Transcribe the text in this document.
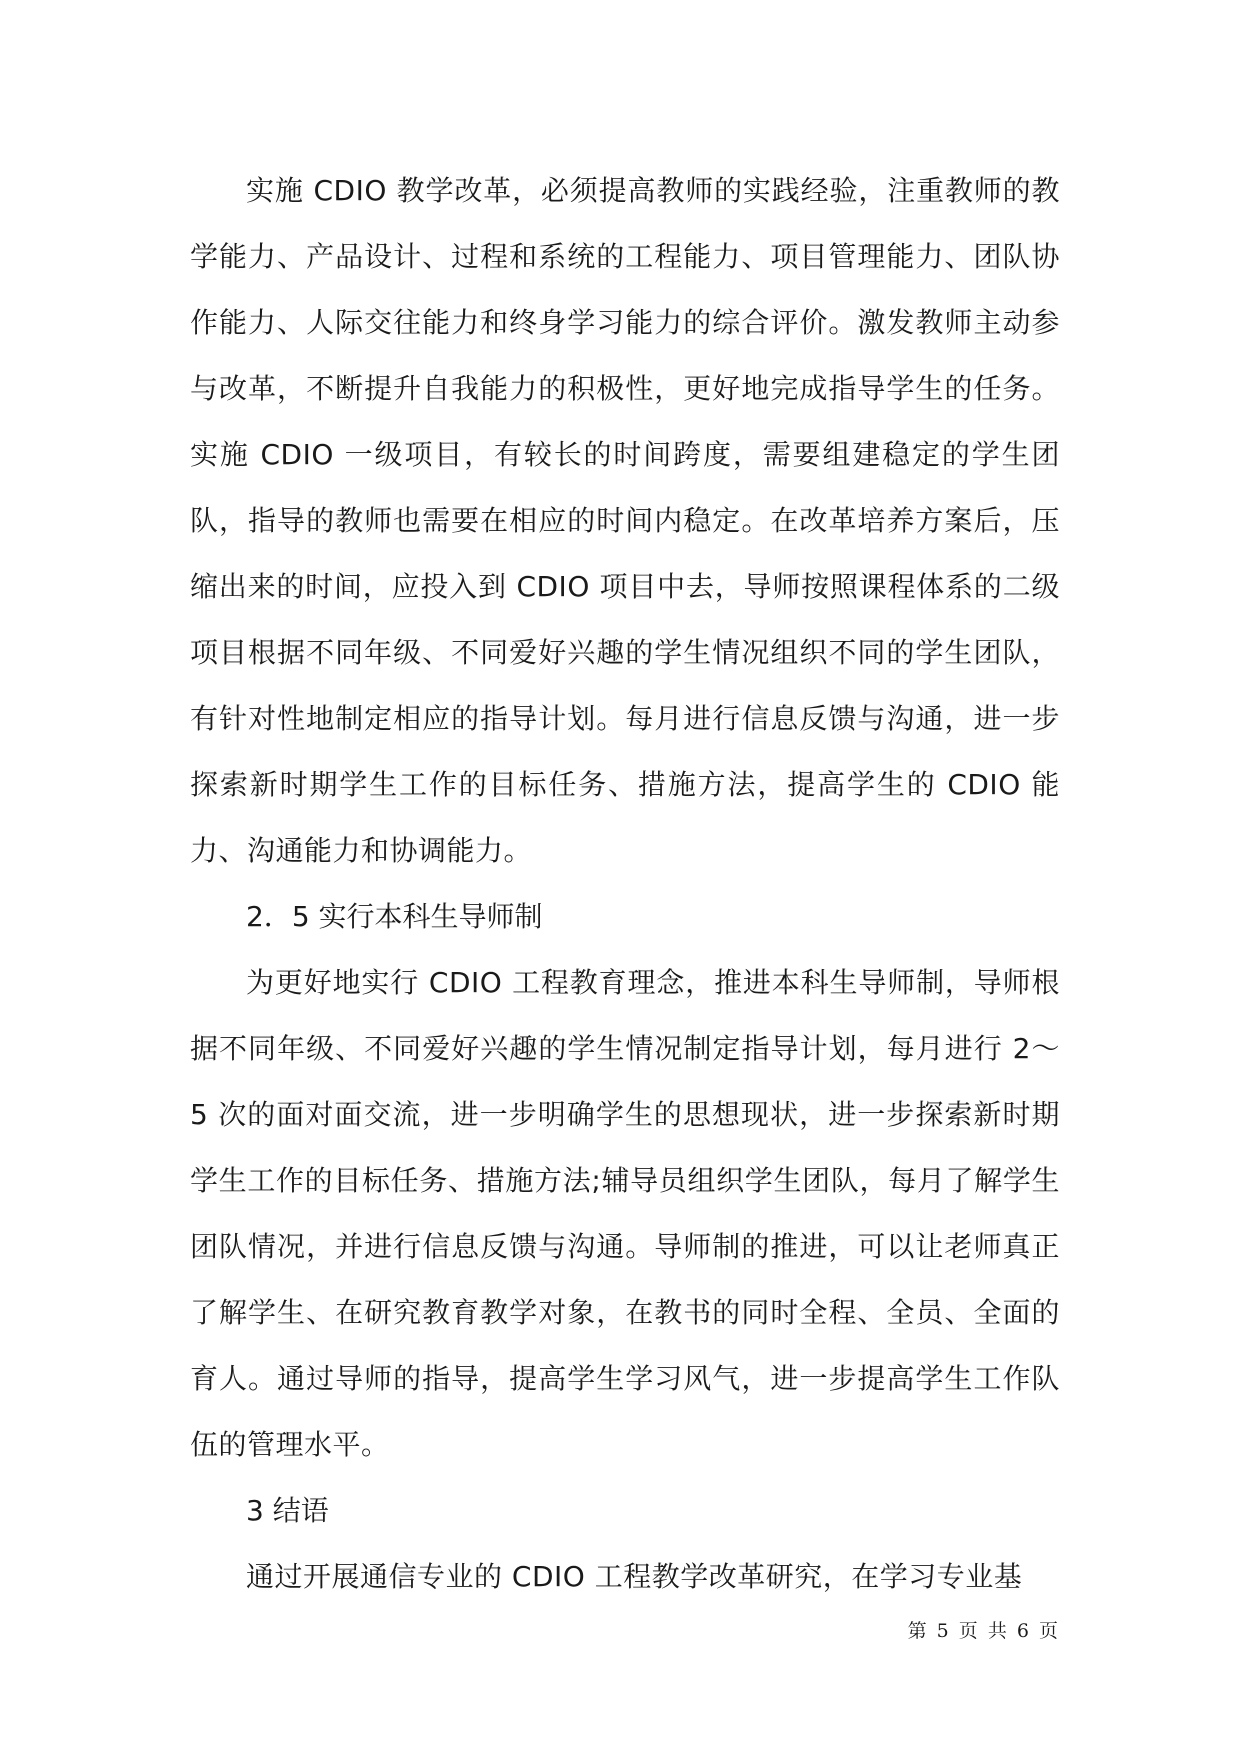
实施 CDIO 教学改革，必须提高教师的实践经验，注重教师的教学能力、产品设计、过程和系统的工程能力、项目管理能力、团队协作能力、人际交往能力和终身学习能力的综合评价。激发教师主动参与改革，不断提升自我能力的积极性，更好地完成指导学生的任务。实施 CDIO 一级项目，有较长的时间跨度，需要组建稳定的学生团队，指导的教师也需要在相应的时间内稳定。在改革培养方案后，压缩出来的时间，应投入到 CDIO 项目中去，导师按照课程体系的二级项目根据不同年级、不同爱好兴趣的学生情况组织不同的学生团队，有针对性地制定相应的指导计划。每月进行信息反馈与沟通，进一步探索新时期学生工作的目标任务、措施方法，提高学生的 CDIO 能力、沟通能力和协调能力。

2．5 实行本科生导师制

为更好地实行 CDIO 工程教育理念，推进本科生导师制，导师根据不同年级、不同爱好兴趣的学生情况制定指导计划，每月进行 2～5 次的面对面交流，进一步明确学生的思想现状，进一步探索新时期学生工作的目标任务、措施方法;辅导员组织学生团队，每月了解学生团队情况，并进行信息反馈与沟通。导师制的推进，可以让老师真正了解学生、在研究教育教学对象，在教书的同时全程、全员、全面的育人。通过导师的指导，提高学生学习风气，进一步提高学生工作队伍的管理水平。

3 结语

通过开展通信专业的 CDIO 工程教学改革研究，在学习专业基

第 5 页 共 6 页
